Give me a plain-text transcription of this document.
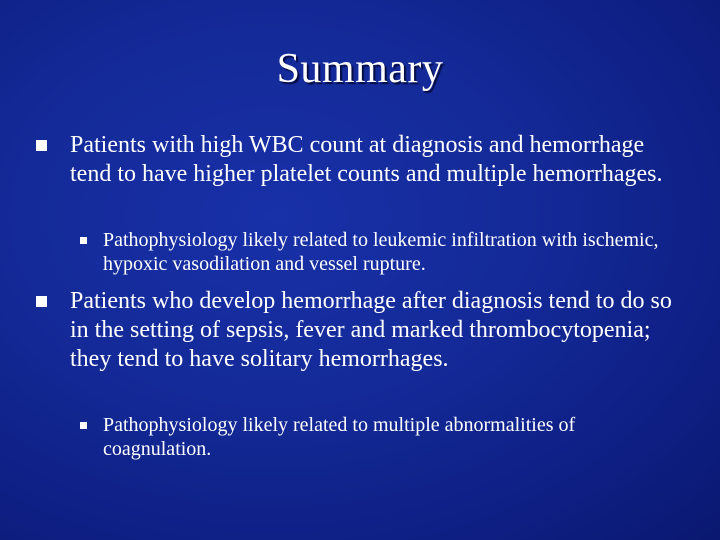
Summary
Patients with high WBC count at diagnosis and hemorrhage tend to have higher platelet counts and multiple hemorrhages.
Pathophysiology likely related to leukemic infiltration with ischemic, hypoxic vasodilation and vessel rupture.
Patients who develop hemorrhage after diagnosis tend to do so in the setting of sepsis, fever and marked thrombocytopenia; they tend to have solitary hemorrhages.
Pathophysiology likely related to multiple abnormalities of coagnulation.
